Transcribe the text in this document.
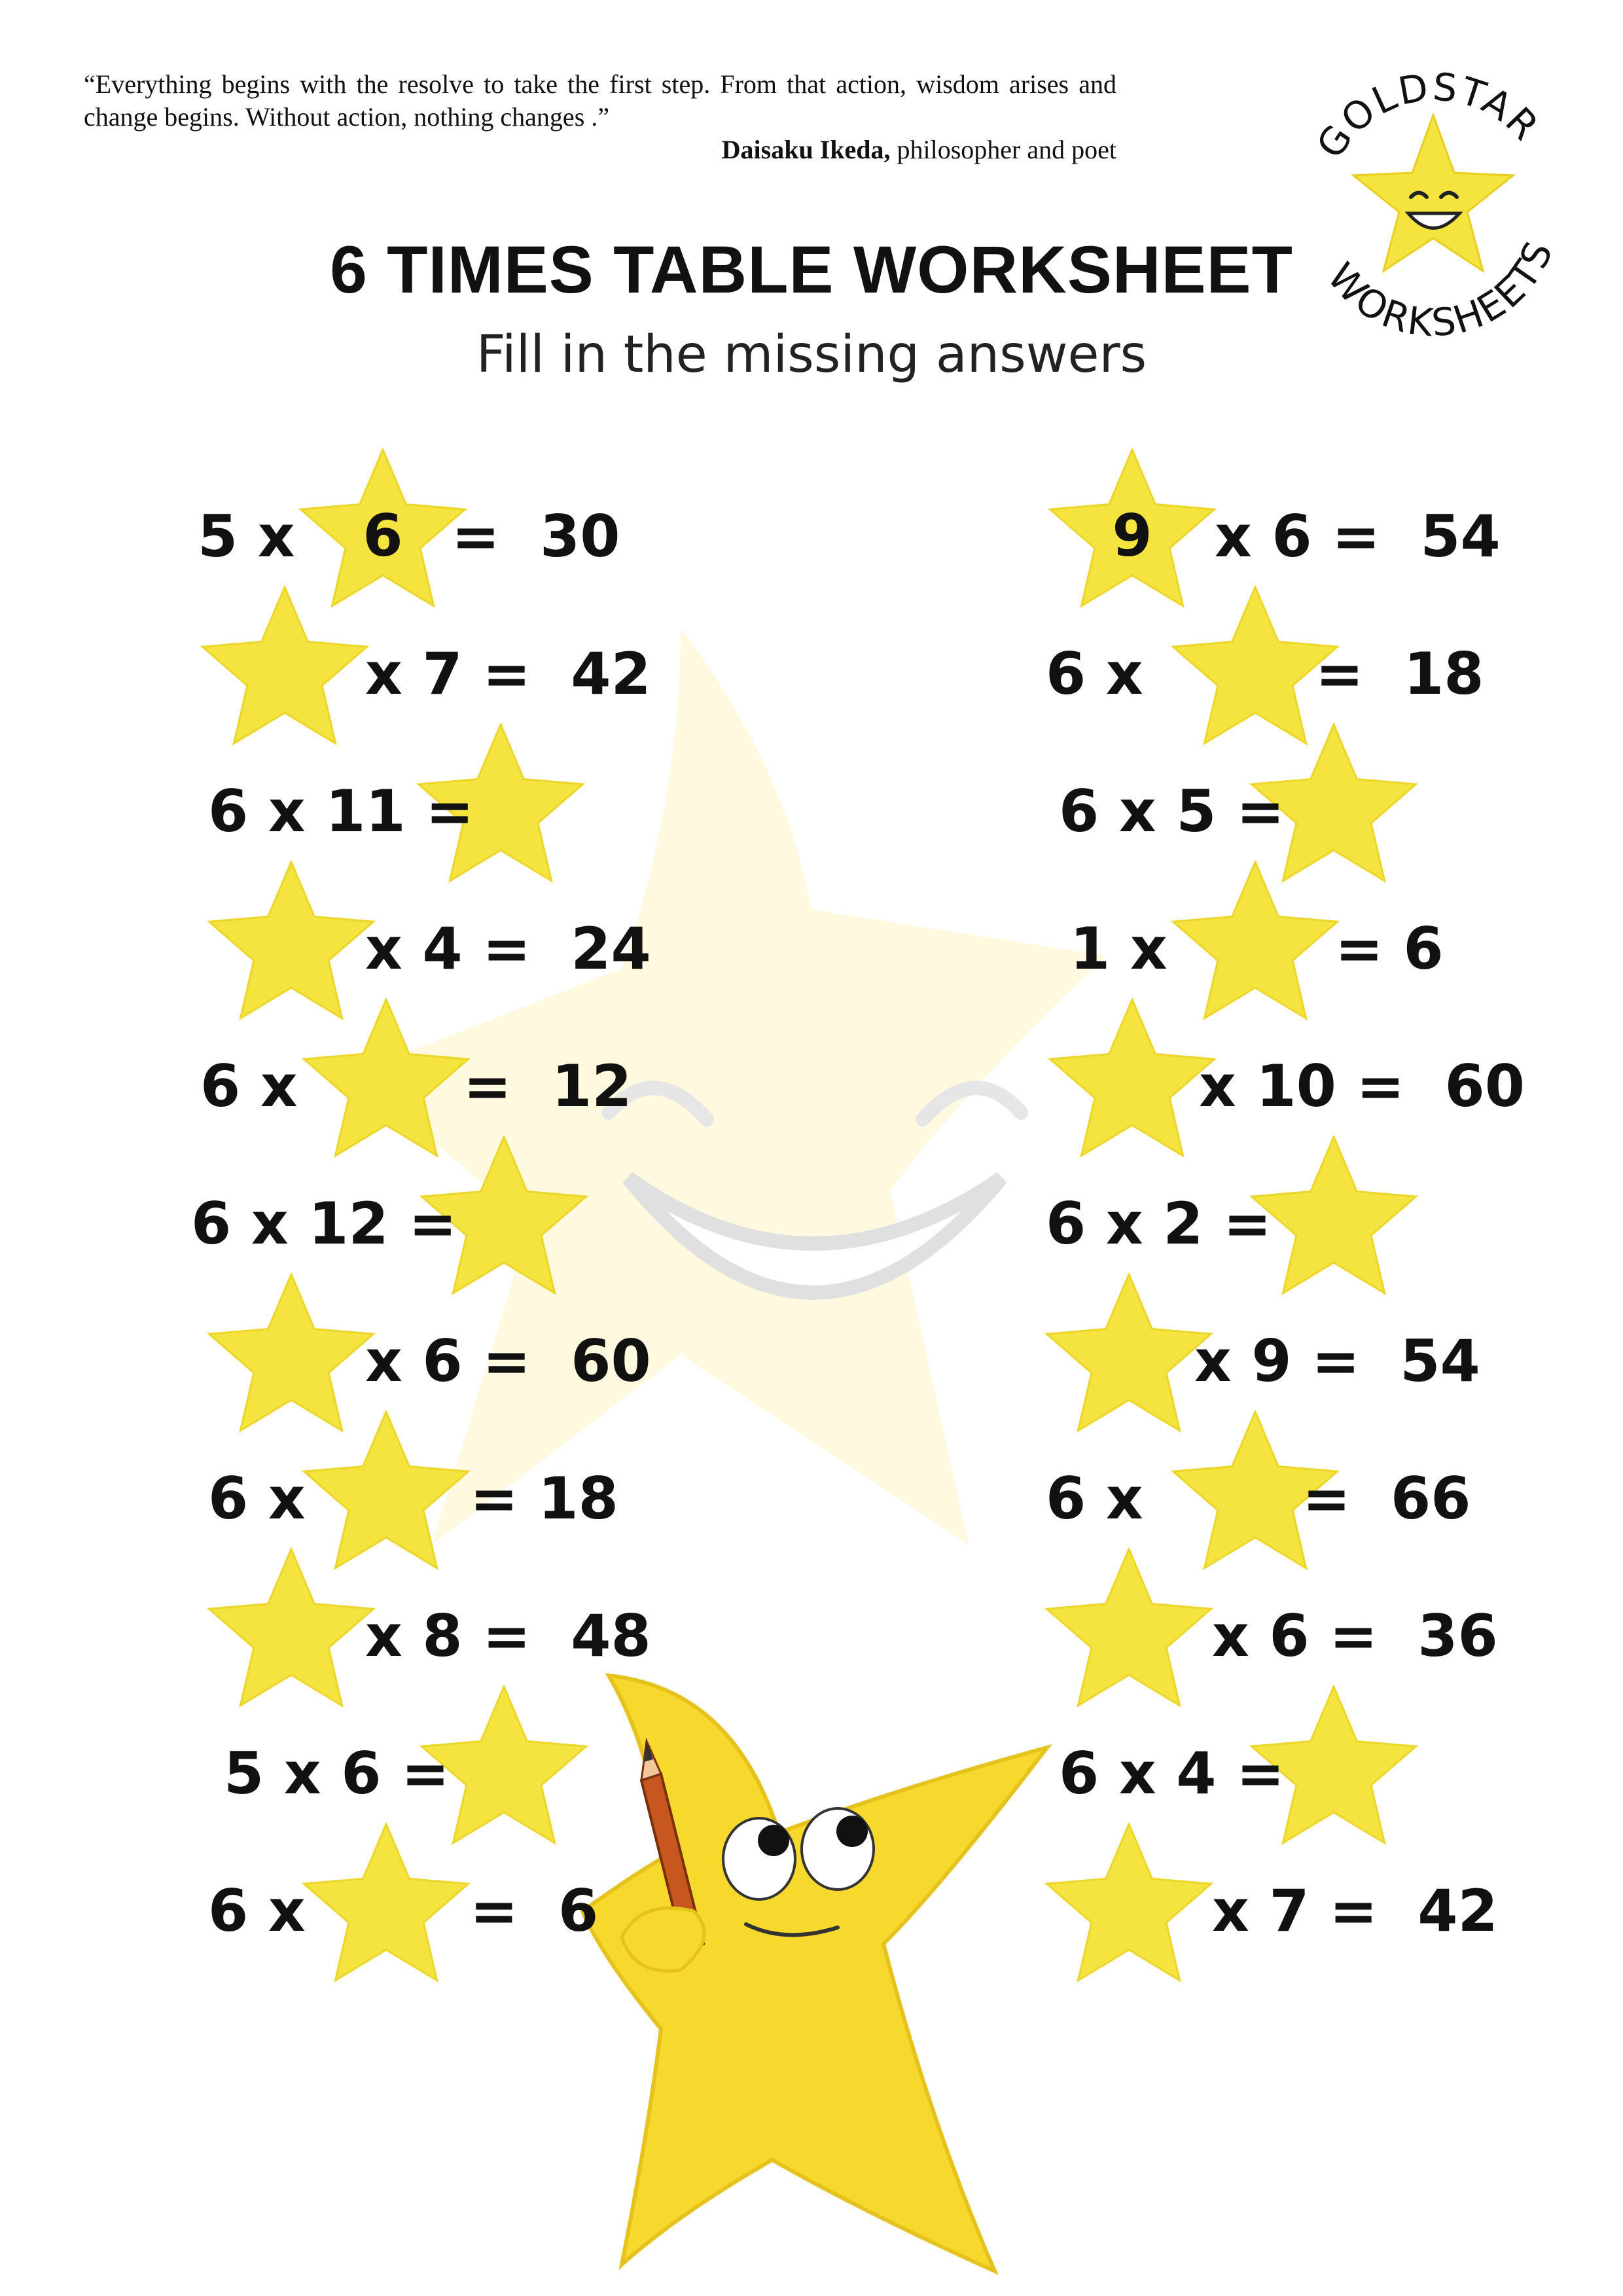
“Everything begins with the resolve to take the first step. From that action, wisdom arises and change begins. Without action, nothing changes .”
Daisaku Ikeda, philosopher and poet	GOLDSTAR
WORKSHEETS
6 TIMES TABLE WORKSHEET
Fill in the missing answers
6
5 x	=  30
x 7 =  42
6 x 11 =
x 4 =  24
6 x	=  12
6 x 12 =
x 6 =  60
6 x	= 18
x 8 =  48
5 x 6 =
6 x	=  6
9	x 6 =  54
6 x	=  18
6 x 5 =
1 x	= 6
x 10 =  60
6 x 2 =
x 9 =  54
6 x	=  66
x 6 =  36
6 x 4 =
x 7 =  42
